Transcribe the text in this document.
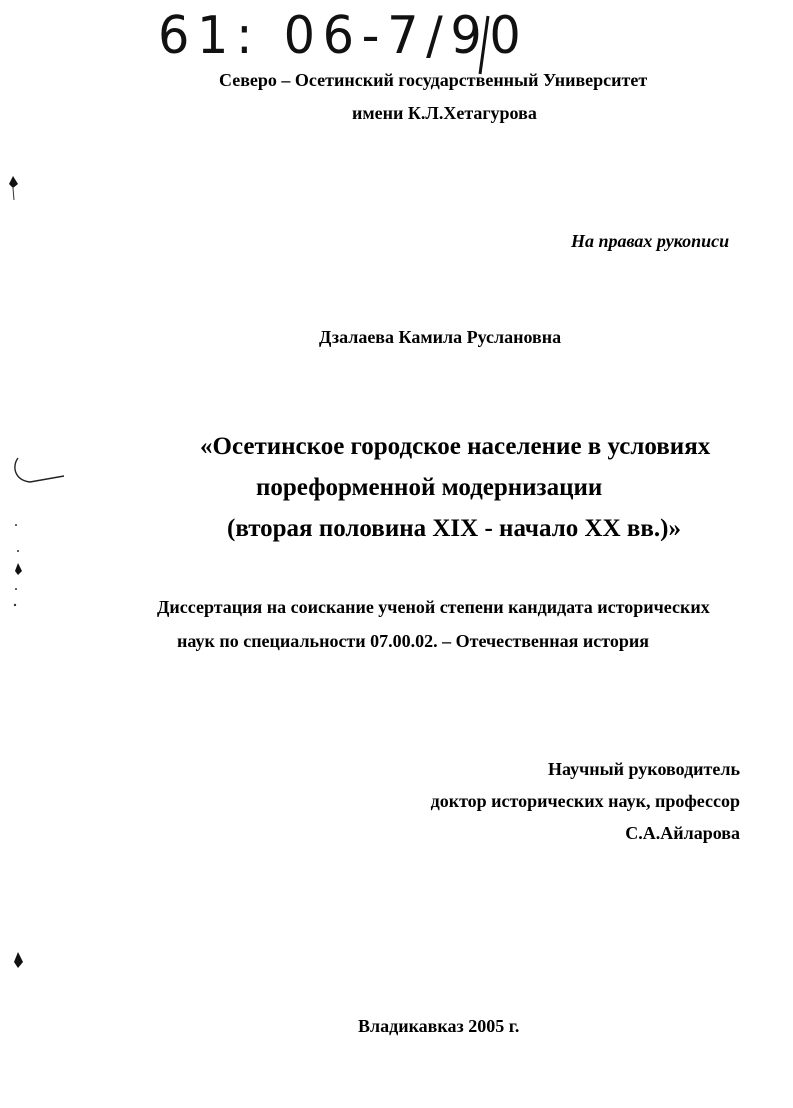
61: 06-7/90
Северо – Осетинский государственный Университет
имени К.Л.Хетагурова
На правах рукописи
Дзалаева Камила Руслановна
«Осетинское городское население в условиях
пореформенной модернизации
(вторая половина XIX - начало XX вв.)»
Диссертация на соискание ученой степени кандидата исторических
наук по специальности 07.00.02. – Отечественная история
Научный руководитель
доктор исторических наук, профессор
С.А.Айларова
Владикавказ 2005 г.
